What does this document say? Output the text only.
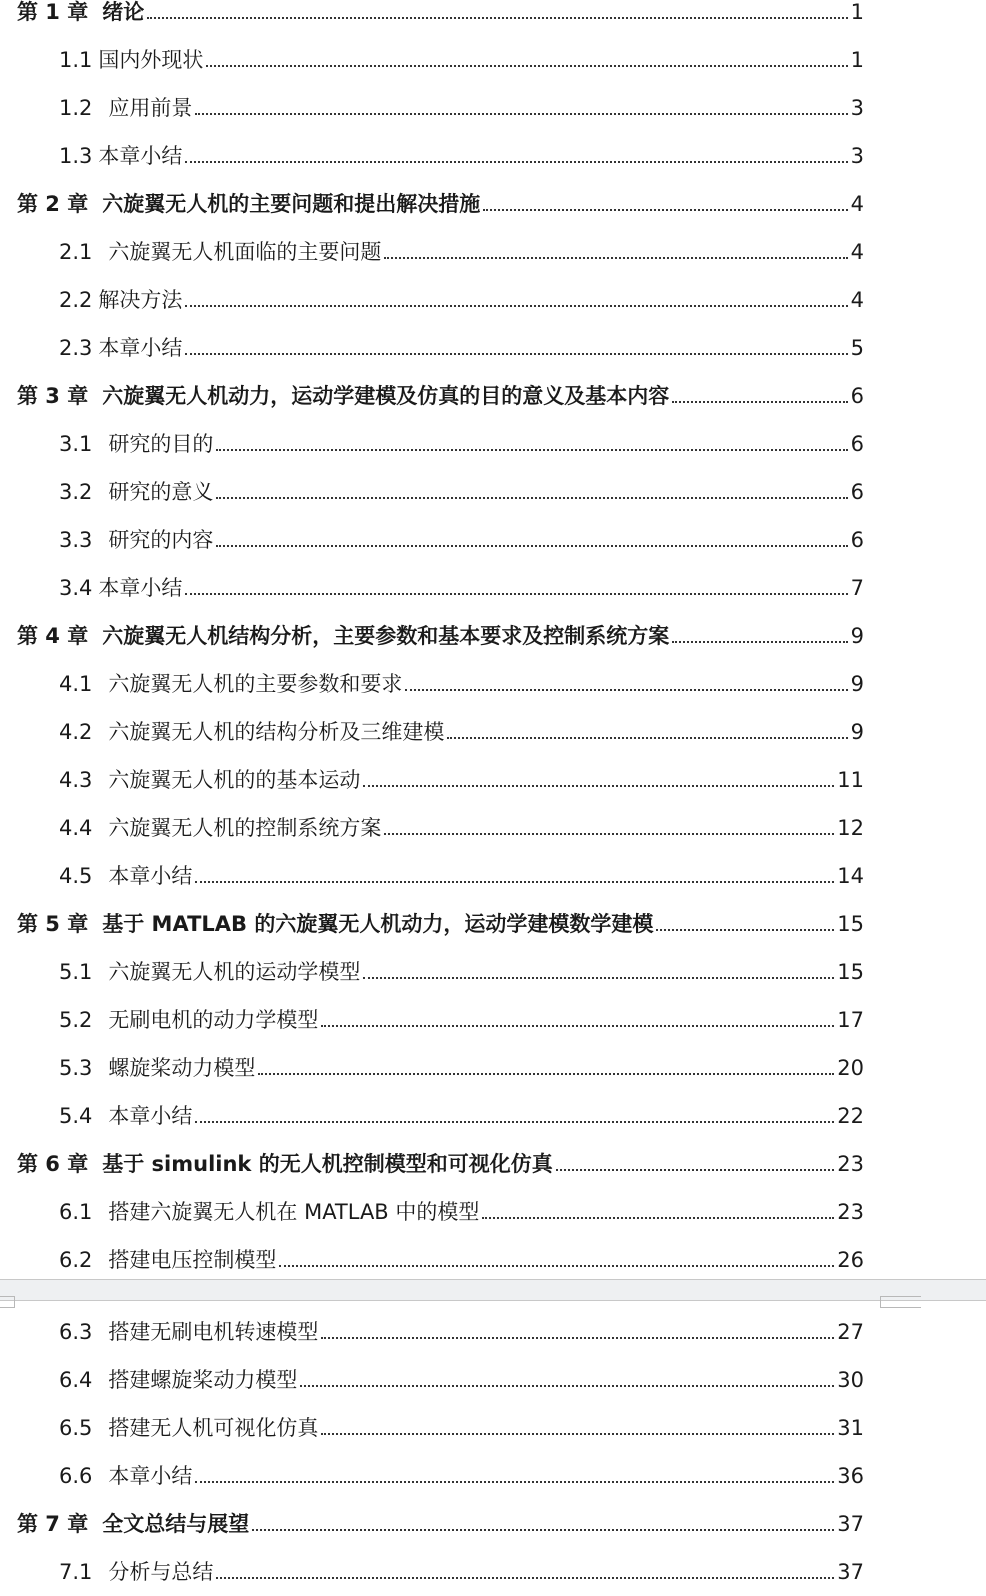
第 1 章 绪论	1
1.1 国内外现状	1
1.2 应用前景	3
1.3 本章小结	3
第 2 章 六旋翼无人机的主要问题和提出解决措施	4
2.1 六旋翼无人机面临的主要问题	4
2.2 解决方法	4
2.3 本章小结	5
第 3 章 六旋翼无人机动力，运动学建模及仿真的目的意义及基本内容	6
3.1 研究的目的	6
3.2 研究的意义	6
3.3 研究的内容	6
3.4 本章小结	7
第 4 章 六旋翼无人机结构分析，主要参数和基本要求及控制系统方案	9
4.1 六旋翼无人机的主要参数和要求	9
4.2 六旋翼无人机的结构分析及三维建模	9
4.3 六旋翼无人机的的基本运动	11
4.4 六旋翼无人机的控制系统方案	12
4.5 本章小结	14
第 5 章 基于 MATLAB 的六旋翼无人机动力，运动学建模数学建模	15
5.1 六旋翼无人机的运动学模型	15
5.2 无刷电机的动力学模型	17
5.3 螺旋桨动力模型	20
5.4 本章小结	22
第 6 章 基于 simulink 的无人机控制模型和可视化仿真	23
6.1 搭建六旋翼无人机在 MATLAB 中的模型	23
6.2 搭建电压控制模型	26
6.3 搭建无刷电机转速模型	27
6.4 搭建螺旋桨动力模型	30
6.5 搭建无人机可视化仿真	31
6.6 本章小结	36
第 7 章 全文总结与展望	37
7.1 分析与总结	37
